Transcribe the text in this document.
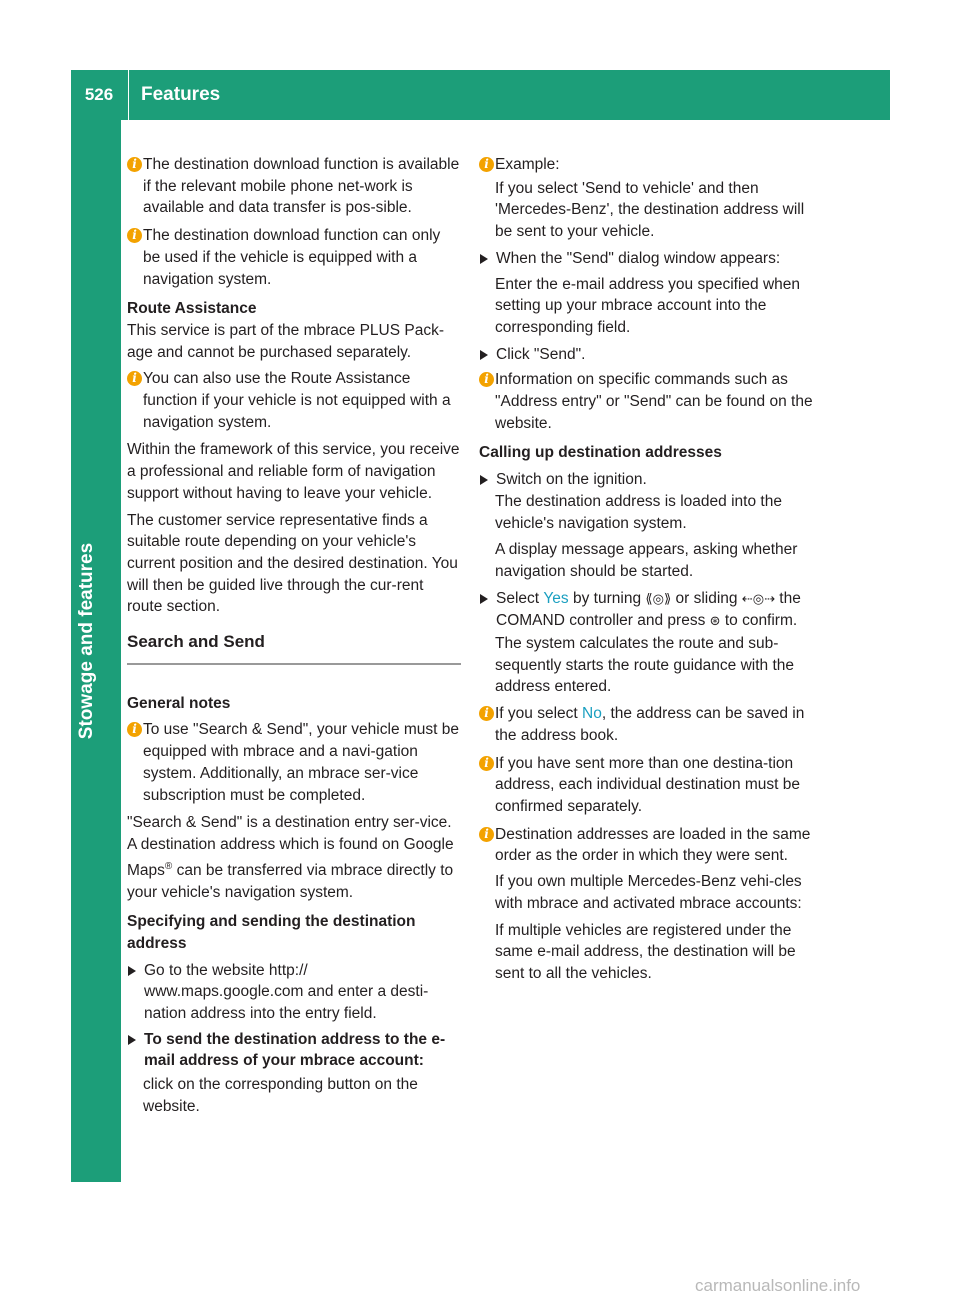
526	Features
Stowage and features

i The destination download function is available if the relevant mobile phone net-work is available and data transfer is pos-sible.

i The destination download function can only be used if the vehicle is equipped with a navigation system.

Route Assistance

This service is part of the mbrace PLUS Pack-age and cannot be purchased separately.

i You can also use the Route Assistance function if your vehicle is not equipped with a navigation system.

Within the framework of this service, you receive a professional and reliable form of navigation support without having to leave your vehicle.

The customer service representative finds a suitable route depending on your vehicle's current position and the desired destination. You will then be guided live through the cur-rent route section.

Search and Send

General notes

i To use "Search & Send", your vehicle must be equipped with mbrace and a navi-gation system. Additionally, an mbrace ser-vice subscription must be completed.

"Search & Send" is a destination entry ser-vice. A destination address which is found on Google Maps® can be transferred via mbrace directly to your vehicle's navigation system.

Specifying and sending the destination address

Go to the website http:// www.maps.google.com and enter a desti-nation address into the entry field.

To send the destination address to the e-mail address of your mbrace account:

click on the corresponding button on the website.

i Example:

If you select 'Send to vehicle' and then 'Mercedes-Benz', the destination address will be sent to your vehicle.

When the "Send" dialog window appears:

Enter the e-mail address you specified when setting up your mbrace account into the corresponding field.

Click "Send".

i Information on specific commands such as "Address entry" or "Send" can be found on the website.

Calling up destination addresses

Switch on the ignition.

The destination address is loaded into the vehicle's navigation system.

A display message appears, asking whether navigation should be started.

Select Yes by turning ⟪◎⟫ or sliding ⇠◎⇢ the COMAND controller and press ⊛ to confirm.

The system calculates the route and sub-sequently starts the route guidance with the address entered.

i If you select No, the address can be saved in the address book.

i If you have sent more than one destina-tion address, each individual destination must be confirmed separately.

i Destination addresses are loaded in the same order as the order in which they were sent.

If you own multiple Mercedes-Benz vehi-cles with mbrace and activated mbrace accounts:

If multiple vehicles are registered under the same e-mail address, the destination will be sent to all the vehicles.

carmanualsonline.info
